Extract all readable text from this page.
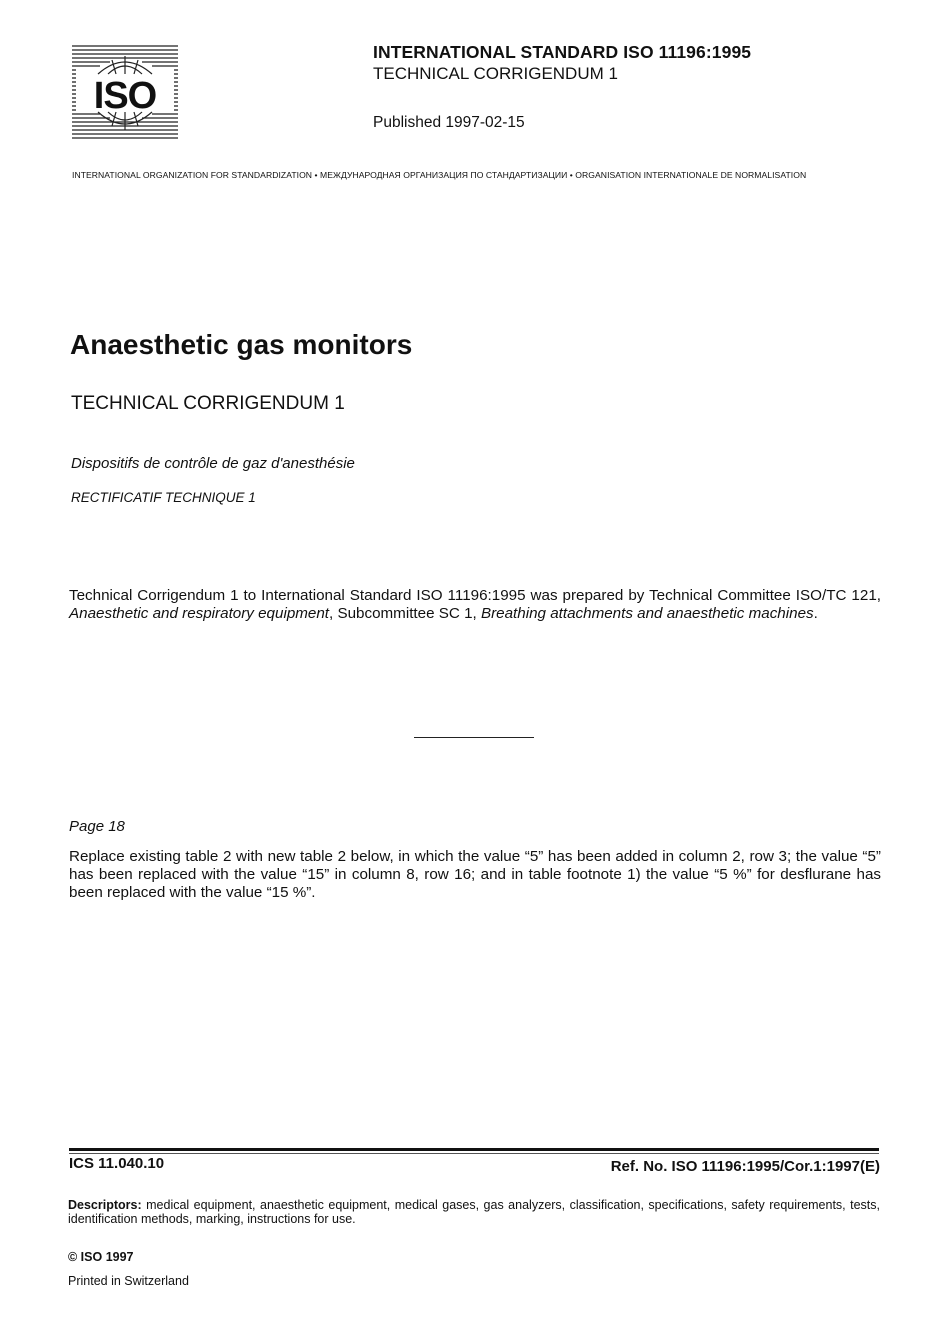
ISO
INTERNATIONAL STANDARD ISO 11196:1995
TECHNICAL CORRIGENDUM 1
Published 1997-02-15
INTERNATIONAL ORGANIZATION FOR STANDARDIZATION • МЕЖДУНАРОДНАЯ ОРГАНИЗАЦИЯ ПО СТАНДАРТИЗАЦИИ • ORGANISATION INTERNATIONALE DE NORMALISATION
Anaesthetic gas monitors
TECHNICAL CORRIGENDUM 1
Dispositifs de contrôle de gaz d'anesthésie
RECTIFICATIF TECHNIQUE 1
Technical Corrigendum 1 to International Standard ISO 11196:1995 was prepared by Technical Committee ISO/TC 121, Anaesthetic and respiratory equipment, Subcommittee SC 1, Breathing attachments and anaesthetic machines.
Page 18
Replace existing table 2 with new table 2 below, in which the value “5” has been added in column 2, row 3; the value “5” has been replaced with the value “15” in column 8, row 16; and in table footnote 1) the value “5 %” for desflurane has been replaced with the value “15 %”.
ICS 11.040.10	Ref. No. ISO 11196:1995/Cor.1:1997(E)
Descriptors: medical equipment, anaesthetic equipment, medical gases, gas analyzers, classification, specifications, safety requirements, tests, identification methods, marking, instructions for use.
© ISO 1997
Printed in Switzerland
